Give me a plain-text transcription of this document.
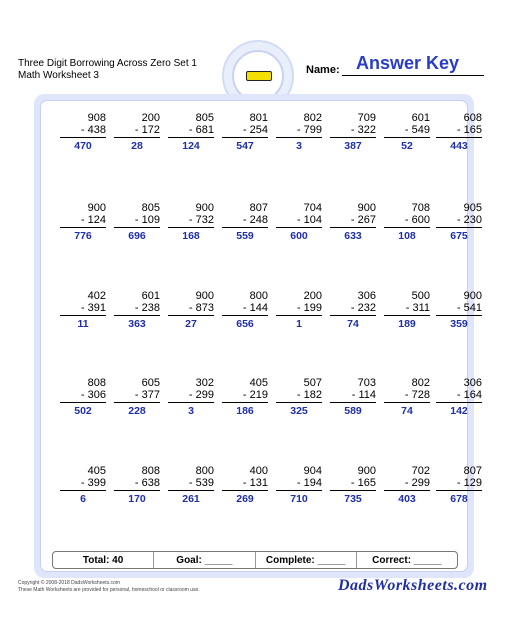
Three Digit Borrowing Across Zero Set 1
Math Worksheet 3	Name: Answer Key
908
- 438
470
200
- 172
28
805
- 681
124
801
- 254
547
802
- 799
3
709
- 322
387
601
- 549
52
608
- 165
443
900
- 124
776
805
- 109
696
900
- 732
168
807
- 248
559
704
- 104
600
900
- 267
633
708
- 600
108
905
- 230
675
402
- 391
11
601
- 238
363
900
- 873
27
800
- 144
656
200
- 199
1
306
- 232
74
500
- 311
189
900
- 541
359
808
- 306
502
605
- 377
228
302
- 299
3
405
- 219
186
507
- 182
325
703
- 114
589
802
- 728
74
306
- 164
142
405
- 399
6
808
- 638
170
800
- 539
261
400
- 131
269
904
- 194
710
900
- 165
735
702
- 299
403
807
- 129
678
Total: 40	Goal: _____	Complete: _____	Correct: _____
Copyright © 2008-2018 DadsWorksheets.com
These Math Worksheets are provided for personal, homeschool or classroom use.	DadsWorksheets.com
